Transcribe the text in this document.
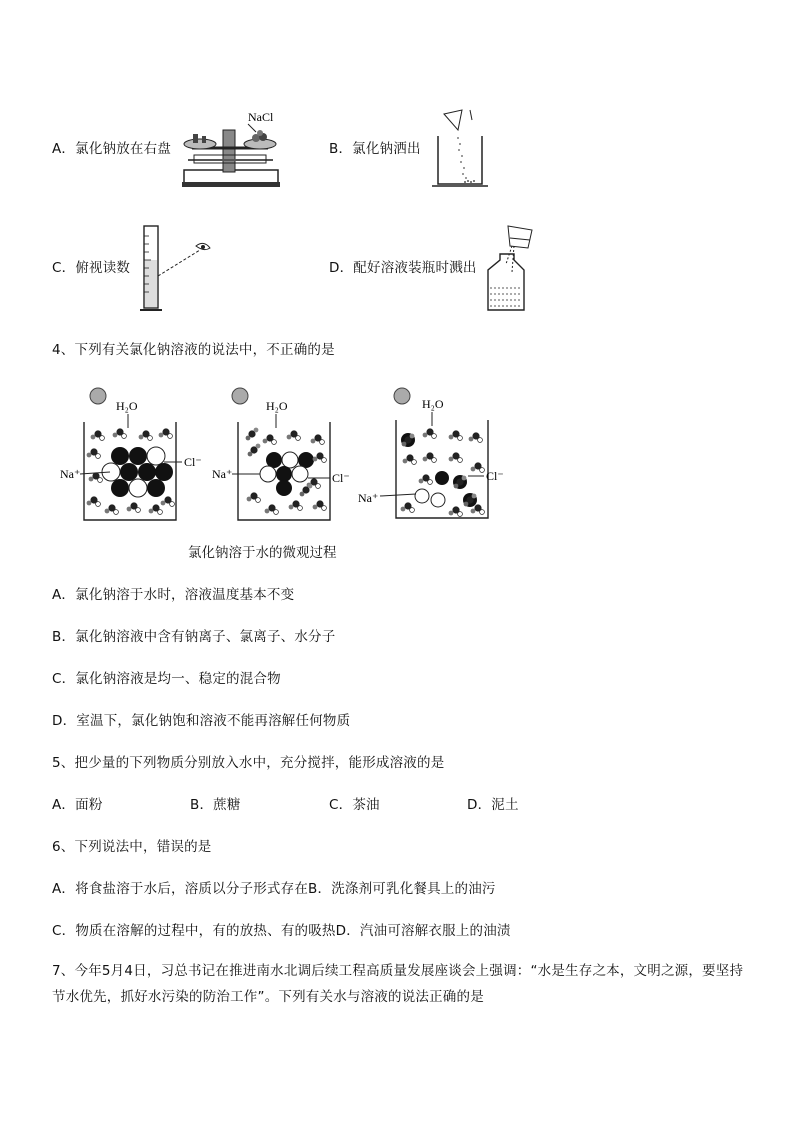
A．氯化钠放在右盘
NaCl
B．氯化钠洒出
C．俯视读数	D．配好溶液装瓶时溅出
4、下列有关氯化钠溶液的说法中，不正确的是
H₂O
Na⁺
Cl⁻
H₂O
Na⁺	Cl⁻
H₂O
Na⁺
Cl⁻
氯化钠溶于水的微观过程
A．氯化钠溶于水时，溶液温度基本不变
B．氯化钠溶液中含有钠离子、氯离子、水分子
C．氯化钠溶液是均一、稳定的混合物
D．室温下，氯化钠饱和溶液不能再溶解任何物质
5、把少量的下列物质分别放入水中，充分搅拌，能形成溶液的是
A．面粉	B．蔗糖	C．茶油	D．泥土
6、下列说法中，错误的是
A．将食盐溶于水后，溶质以分子形式存在B．洗涤剂可乳化餐具上的油污
C．物质在溶解的过程中，有的放热、有的吸热D．汽油可溶解衣服上的油渍
7、今年5月4日，习总书记在推进南水北调后续工程高质量发展座谈会上强调：“水是生存之本，文明之源，要坚持节水优先，抓好水污染的防治工作”。下列有关水与溶液的说法正确的是
